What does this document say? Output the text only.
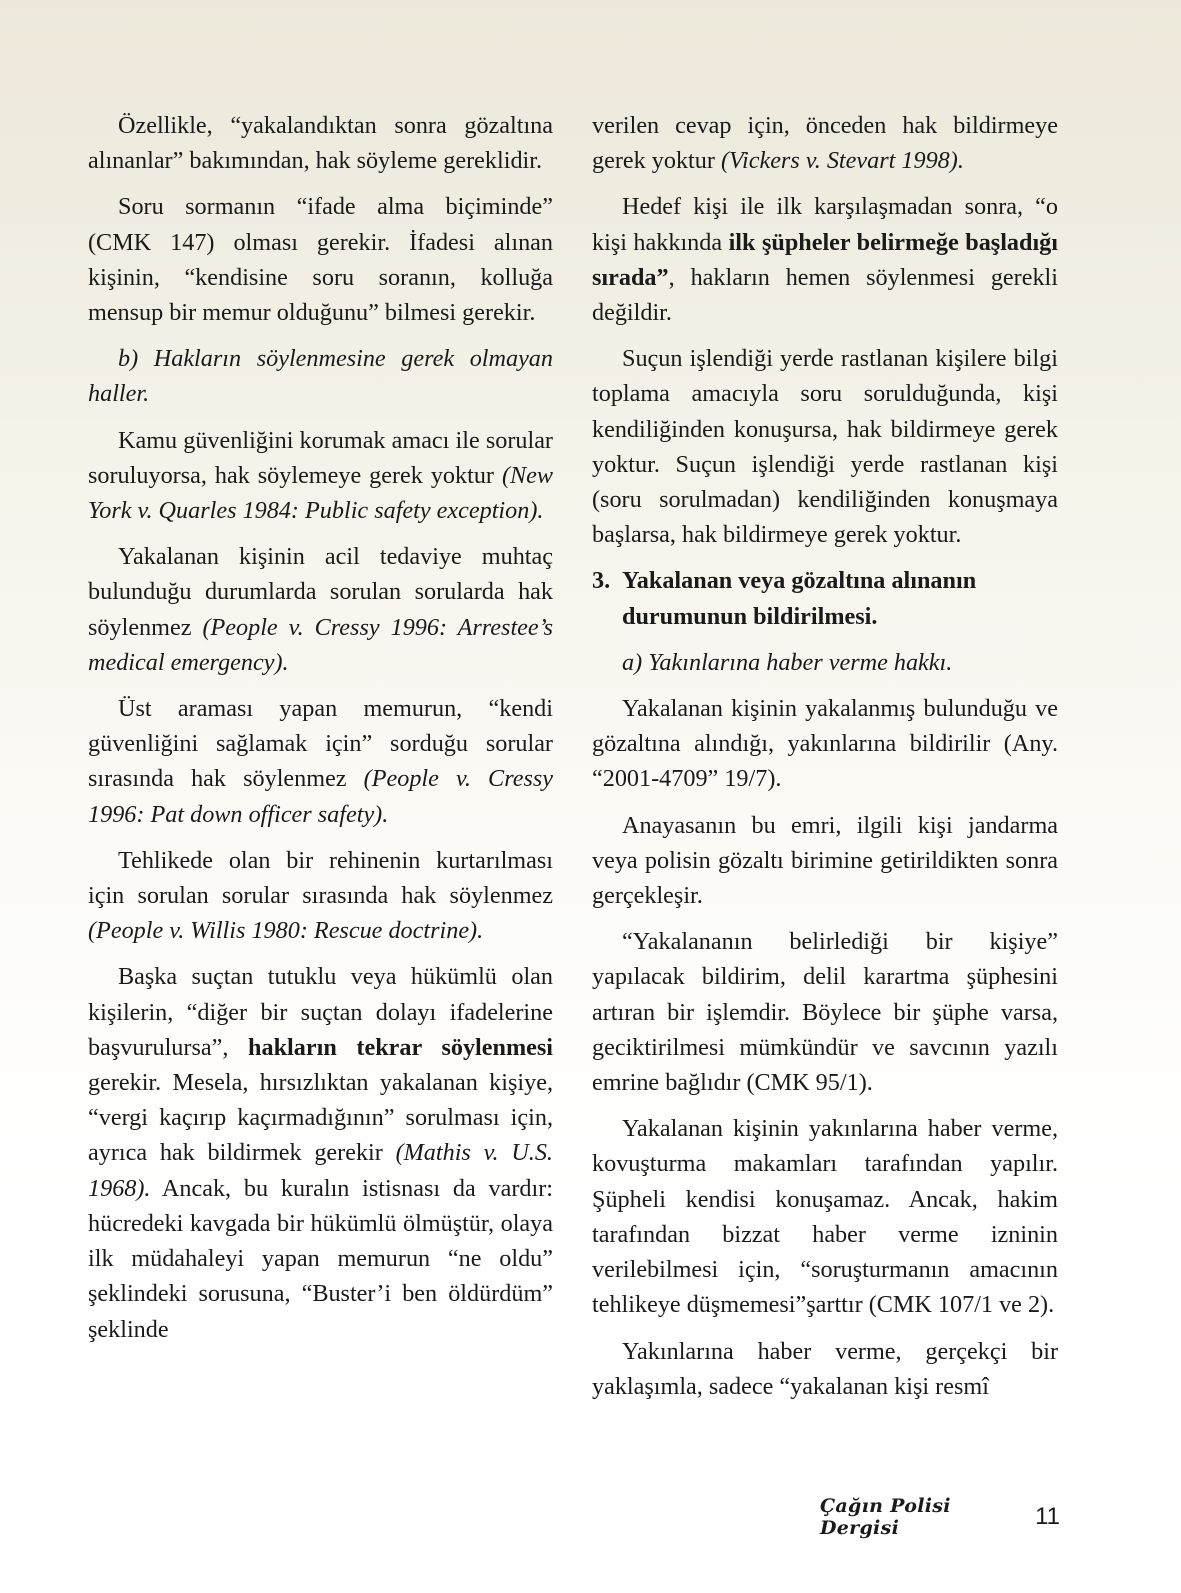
Özellikle, “yakalandıktan sonra gözaltına alınanlar” bakımından, hak söyleme gereklidir.

Soru sormanın “ifade alma biçiminde” (CMK 147) olması gerekir. İfadesi alınan kişinin, “kendisine soru soranın, kolluğa mensup bir memur olduğunu” bilmesi gerekir.

b) Hakların söylenmesine gerek olmayan haller.

Kamu güvenliğini korumak amacı ile sorular soruluyorsa, hak söylemeye gerek yoktur (New York v. Quarles 1984: Public safety exception).

Yakalanan kişinin acil tedaviye muhtaç bulunduğu durumlarda sorulan sorularda hak söylenmez (People v. Cressy 1996: Arrestee’s medical emergency).

Üst araması yapan memurun, “kendi güvenliğini sağlamak için” sorduğu sorular sırasında hak söylenmez (People v. Cressy 1996: Pat down officer safety).

Tehlikede olan bir rehinenin kurtarılması için sorulan sorular sırasında hak söylenmez (People v. Willis 1980: Rescue doctrine).

Başka suçtan tutuklu veya hükümlü olan kişilerin, “diğer bir suçtan dolayı ifadelerine başvurulursa”, hakların tekrar söylenmesi gerekir. Mesela, hırsızlıktan yakalanan kişiye, “vergi kaçırıp kaçırmadığının” sorulması için, ayrıca hak bildirmek gerekir (Mathis v. U.S. 1968). Ancak, bu kuralın istisnası da vardır: hücredeki kavgada bir hükümlü ölmüştür, olaya ilk müdahaleyi yapan memurun “ne oldu” şeklindeki sorusuna, “Buster’i ben öldürdüm” şeklinde

verilen cevap için, önceden hak bildirmeye gerek yoktur (Vickers v. Stevart 1998).

Hedef kişi ile ilk karşılaşmadan sonra, “o kişi hakkında ilk şüpheler belirmeğe başladığı sırada”, hakların hemen söylenmesi gerekli değildir.

Suçun işlendiği yerde rastlanan kişilere bilgi toplama amacıyla soru sorulduğunda, kişi kendiliğinden konuşursa, hak bildirmeye gerek yoktur. Suçun işlendiği yerde rastlanan kişi (soru sorulmadan) kendiliğinden konuşmaya başlarsa, hak bildirmeye gerek yoktur.

3. Yakalanan veya gözaltına alınanın durumunun bildirilmesi.

a) Yakınlarına haber verme hakkı.

Yakalanan kişinin yakalanmış bulunduğu ve gözaltına alındığı, yakınlarına bildirilir (Any. “2001-4709” 19/7).

Anayasanın bu emri, ilgili kişi jandarma veya polisin gözaltı birimine getirildikten sonra gerçekleşir.

“Yakalananın belirlediği bir kişiye” yapılacak bildirim, delil karartma şüphesini artıran bir işlemdir. Böylece bir şüphe varsa, geciktirilmesi mümkündür ve savcının yazılı emrine bağlıdır (CMK 95/1).

Yakalanan kişinin yakınlarına haber verme, kovuşturma makamları tarafından yapılır. Şüpheli kendisi konuşamaz. Ancak, hakim tarafından bizzat haber verme izninin verilebilmesi için, “soruşturmanın amacının tehlikeye düşmemesi”şarttır (CMK 107/1 ve 2).

Yakınlarına haber verme, gerçekçi bir yaklaşımla, sadece “yakalanan kişi resmî

Çağın Polisi Dergisi	11
